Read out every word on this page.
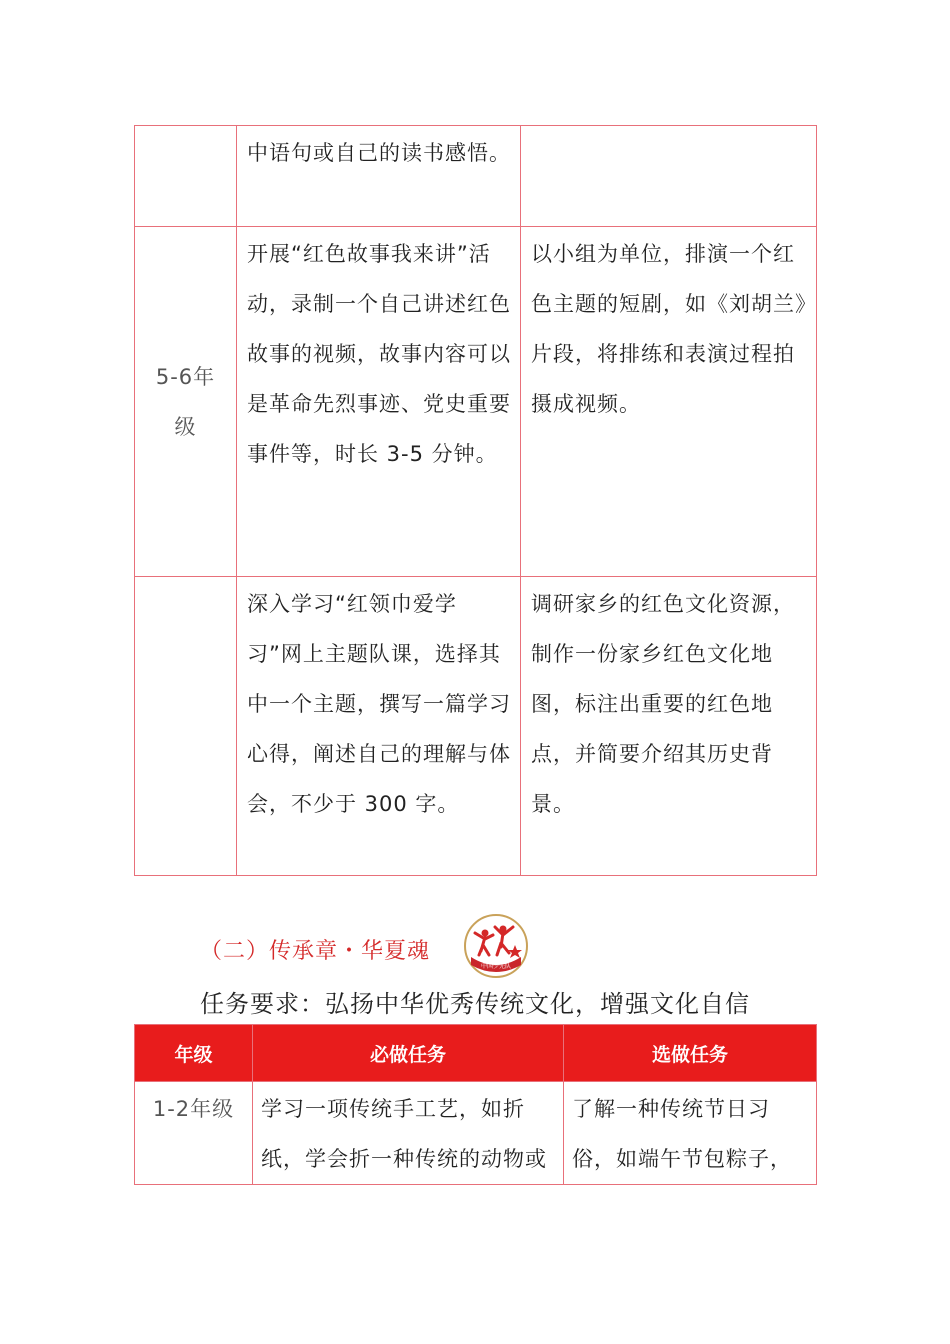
	中语句或自己的读书感悟。	
5-6年级	开展“红色故事我来讲”活动，录制一个自己讲述红色故事的视频，故事内容可以是革命先烈事迹、党史重要事件等，时长 3-5 分钟。	以小组为单位，排演一个红色主题的短剧，如《刘胡兰》片段，将排练和表演过程拍摄成视频。
	深入学习“红领巾爱学习”网上主题队课，选择其中一个主题，撰写一篇学习心得，阐述自己的理解与体会，不少于 300 字。	调研家乡的红色文化资源，制作一份家乡红色文化地图，标注出重要的红色地点，并简要介绍其历史背景。
（二）传承章・华夏魂
中国少先队
任务要求：弘扬中华优秀传统文化，增强文化自信
年级	必做任务	选做任务
1-2年级	学习一项传统手工艺，如折纸，学会折一种传统的动物或	了解一种传统节日习俗，如端午节包粽子，
